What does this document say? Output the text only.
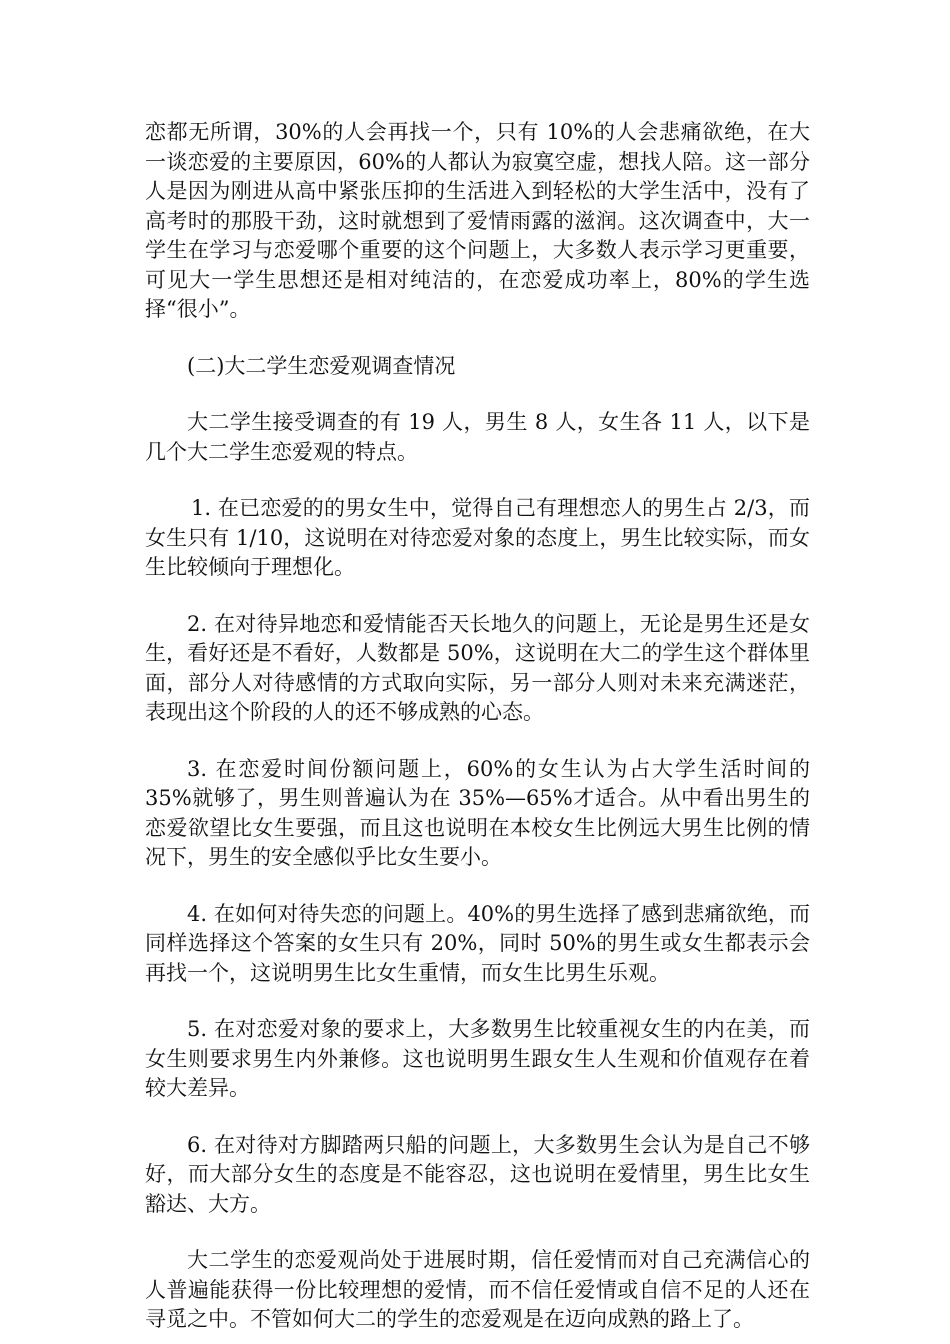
恋都无所谓，30%的人会再找一个，只有 10%的人会悲痛欲绝，在大一谈恋爱的主要原因，60%的人都认为寂寞空虚，想找人陪。这一部分人是因为刚进从高中紧张压抑的生活进入到轻松的大学生活中，没有了高考时的那股干劲，这时就想到了爱情雨露的滋润。这次调查中，大一学生在学习与恋爱哪个重要的这个问题上，大多数人表示学习更重要，可见大一学生思想还是相对纯洁的，在恋爱成功率上，80%的学生选择“很小”。

(二)大二学生恋爱观调查情况

大二学生接受调查的有 19 人，男生 8 人，女生各 11 人，以下是几个大二学生恋爱观的特点。

1. 在已恋爱的的男女生中，觉得自己有理想恋人的男生占 2/3，而女生只有 1/10，这说明在对待恋爱对象的态度上，男生比较实际，而女生比较倾向于理想化。

2. 在对待异地恋和爱情能否天长地久的问题上，无论是男生还是女生，看好还是不看好，人数都是 50%，这说明在大二的学生这个群体里面，部分人对待感情的方式取向实际，另一部分人则对未来充满迷茫，表现出这个阶段的人的还不够成熟的心态。

3. 在恋爱时间份额问题上，60%的女生认为占大学生活时间的 35%就够了，男生则普遍认为在 35%—65%才适合。从中看出男生的恋爱欲望比女生要强，而且这也说明在本校女生比例远大男生比例的情况下，男生的安全感似乎比女生要小。

4. 在如何对待失恋的问题上。40%的男生选择了感到悲痛欲绝，而同样选择这个答案的女生只有 20%，同时 50%的男生或女生都表示会再找一个，这说明男生比女生重情，而女生比男生乐观。

5. 在对恋爱对象的要求上，大多数男生比较重视女生的内在美，而女生则要求男生内外兼修。这也说明男生跟女生人生观和价值观存在着较大差异。

6. 在对待对方脚踏两只船的问题上，大多数男生会认为是自己不够好，而大部分女生的态度是不能容忍，这也说明在爱情里，男生比女生豁达、大方。

大二学生的恋爱观尚处于进展时期，信任爱情而对自己充满信心的人普遍能获得一份比较理想的爱情，而不信任爱情或自信不足的人还在寻觅之中。不管如何大二的学生的恋爱观是在迈向成熟的路上了。
